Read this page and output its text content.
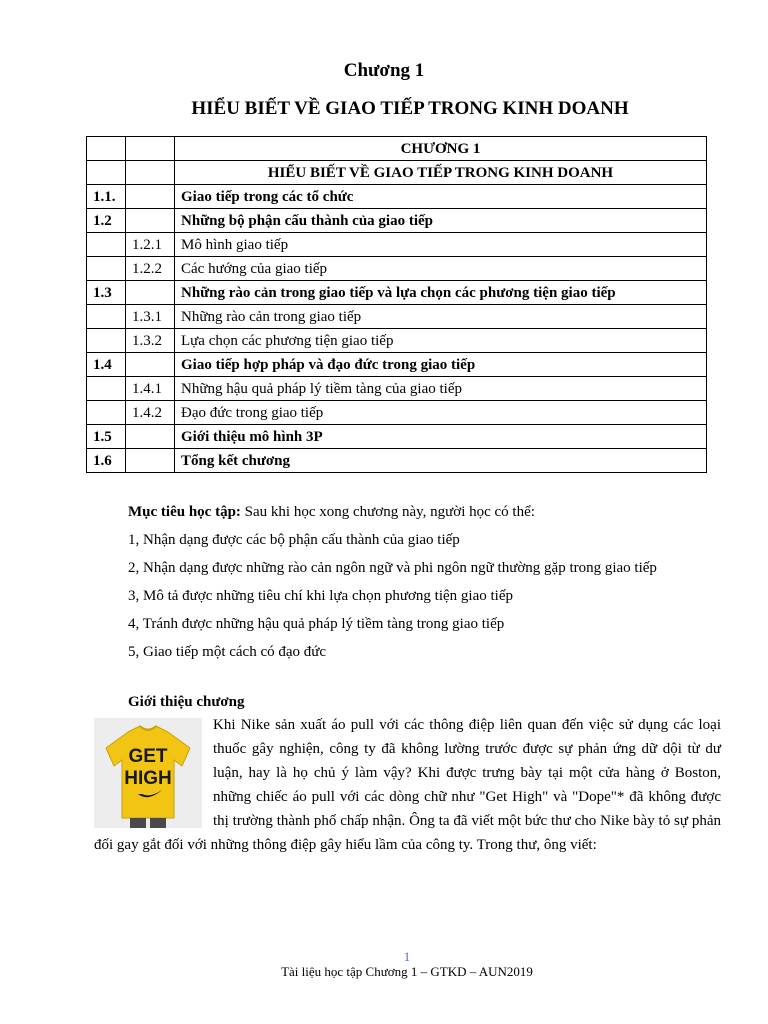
Chương 1
HIỂU BIẾT VỀ GIAO TIẾP TRONG KINH DOANH
		CHƯƠNG 1
		HIỂU BIẾT VỀ GIAO TIẾP TRONG KINH DOANH
1.1.		Giao tiếp trong các tổ chức
1.2		Những bộ phận cấu thành của giao tiếp
	1.2.1	Mô hình giao tiếp
	1.2.2	Các hướng của giao tiếp
1.3		Những rào cản trong giao tiếp và lựa chọn các phương tiện giao tiếp
	1.3.1	Những rào cản trong giao tiếp
	1.3.2	Lựa chọn các phương tiện giao tiếp
1.4		Giao tiếp hợp pháp và đạo đức trong giao tiếp
	1.4.1	Những hậu quả pháp lý tiềm tàng của giao tiếp
	1.4.2	Đạo đức trong giao tiếp
1.5		Giới thiệu mô hình 3P
1.6		Tổng kết chương

Mục tiêu học tập: Sau khi học xong chương này, người học có thể:

1, Nhận dạng được các bộ phận cấu thành của giao tiếp

2, Nhận dạng được những rào cản ngôn ngữ và phi ngôn ngữ thường gặp trong giao tiếp

3, Mô tả được những tiêu chí khi lựa chọn phương tiện giao tiếp

4, Tránh được những hậu quả pháp lý tiềm tàng trong giao tiếp

5, Giao tiếp một cách có đạo đức

Giới thiệu chương
GET
HIGH
Khi Nike sản xuất áo pull với các thông điệp liên quan đến việc sử dụng các loại thuốc gây nghiện, công ty đã không lường trước được sự phản ứng dữ dội từ dư luận, hay là họ chủ ý làm vậy? Khi được trưng bày tại một cửa hàng ở Boston, những chiếc áo pull với các dòng chữ như "Get High" và "Dope"* đã không được thị trường thành phố chấp nhận. Ông ta đã viết một bức thư cho Nike bày tỏ sự phản đối gay gắt đối với những thông điệp gây hiểu lầm của công ty. Trong thư, ông viết:
1
Tài liệu học tập Chương 1 – GTKD – AUN2019
